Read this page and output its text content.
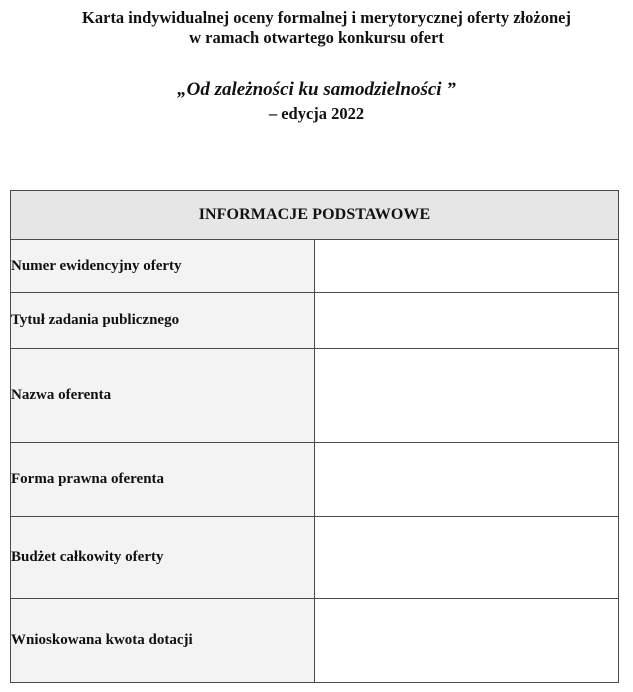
Karta indywidualnej oceny formalnej i merytorycznej oferty złożonej
w ramach otwartego konkursu ofert
„Od zależności ku samodzielności ”
– edycja 2022
INFORMACJE PODSTAWOWE	
Numer ewidencyjny oferty	
Tytuł zadania publicznego	
Nazwa oferenta	
Forma prawna oferenta	
Budżet całkowity oferty	
Wnioskowana kwota dotacji	
